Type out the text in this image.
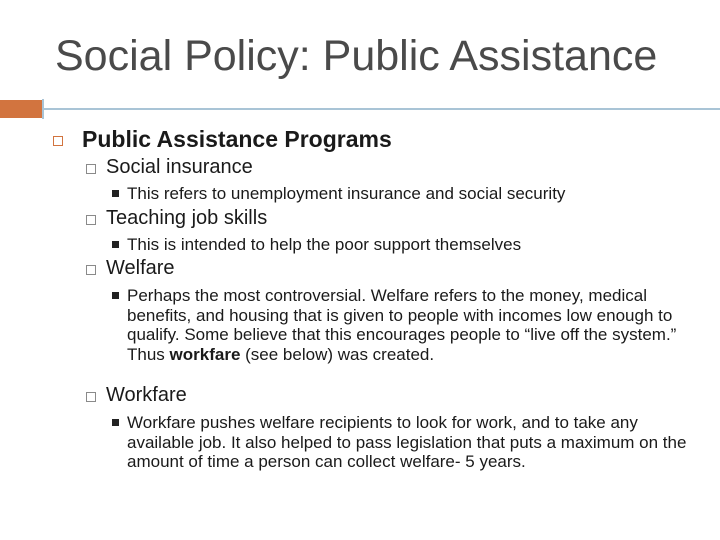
Social Policy: Public Assistance
Public Assistance Programs
Social insurance
This refers to unemployment insurance and social security
Teaching job skills
This is intended to help the poor support themselves
Welfare
Perhaps the most controversial. Welfare refers to the money, medical benefits, and housing that is given to people with incomes low enough to qualify. Some believe that this encourages people to “live off the system.” Thus workfare (see below) was created.
Workfare
Workfare pushes welfare recipients to look for work, and to take any available job. It also helped to pass legislation that puts a maximum on the amount of time a person can collect welfare- 5 years.
